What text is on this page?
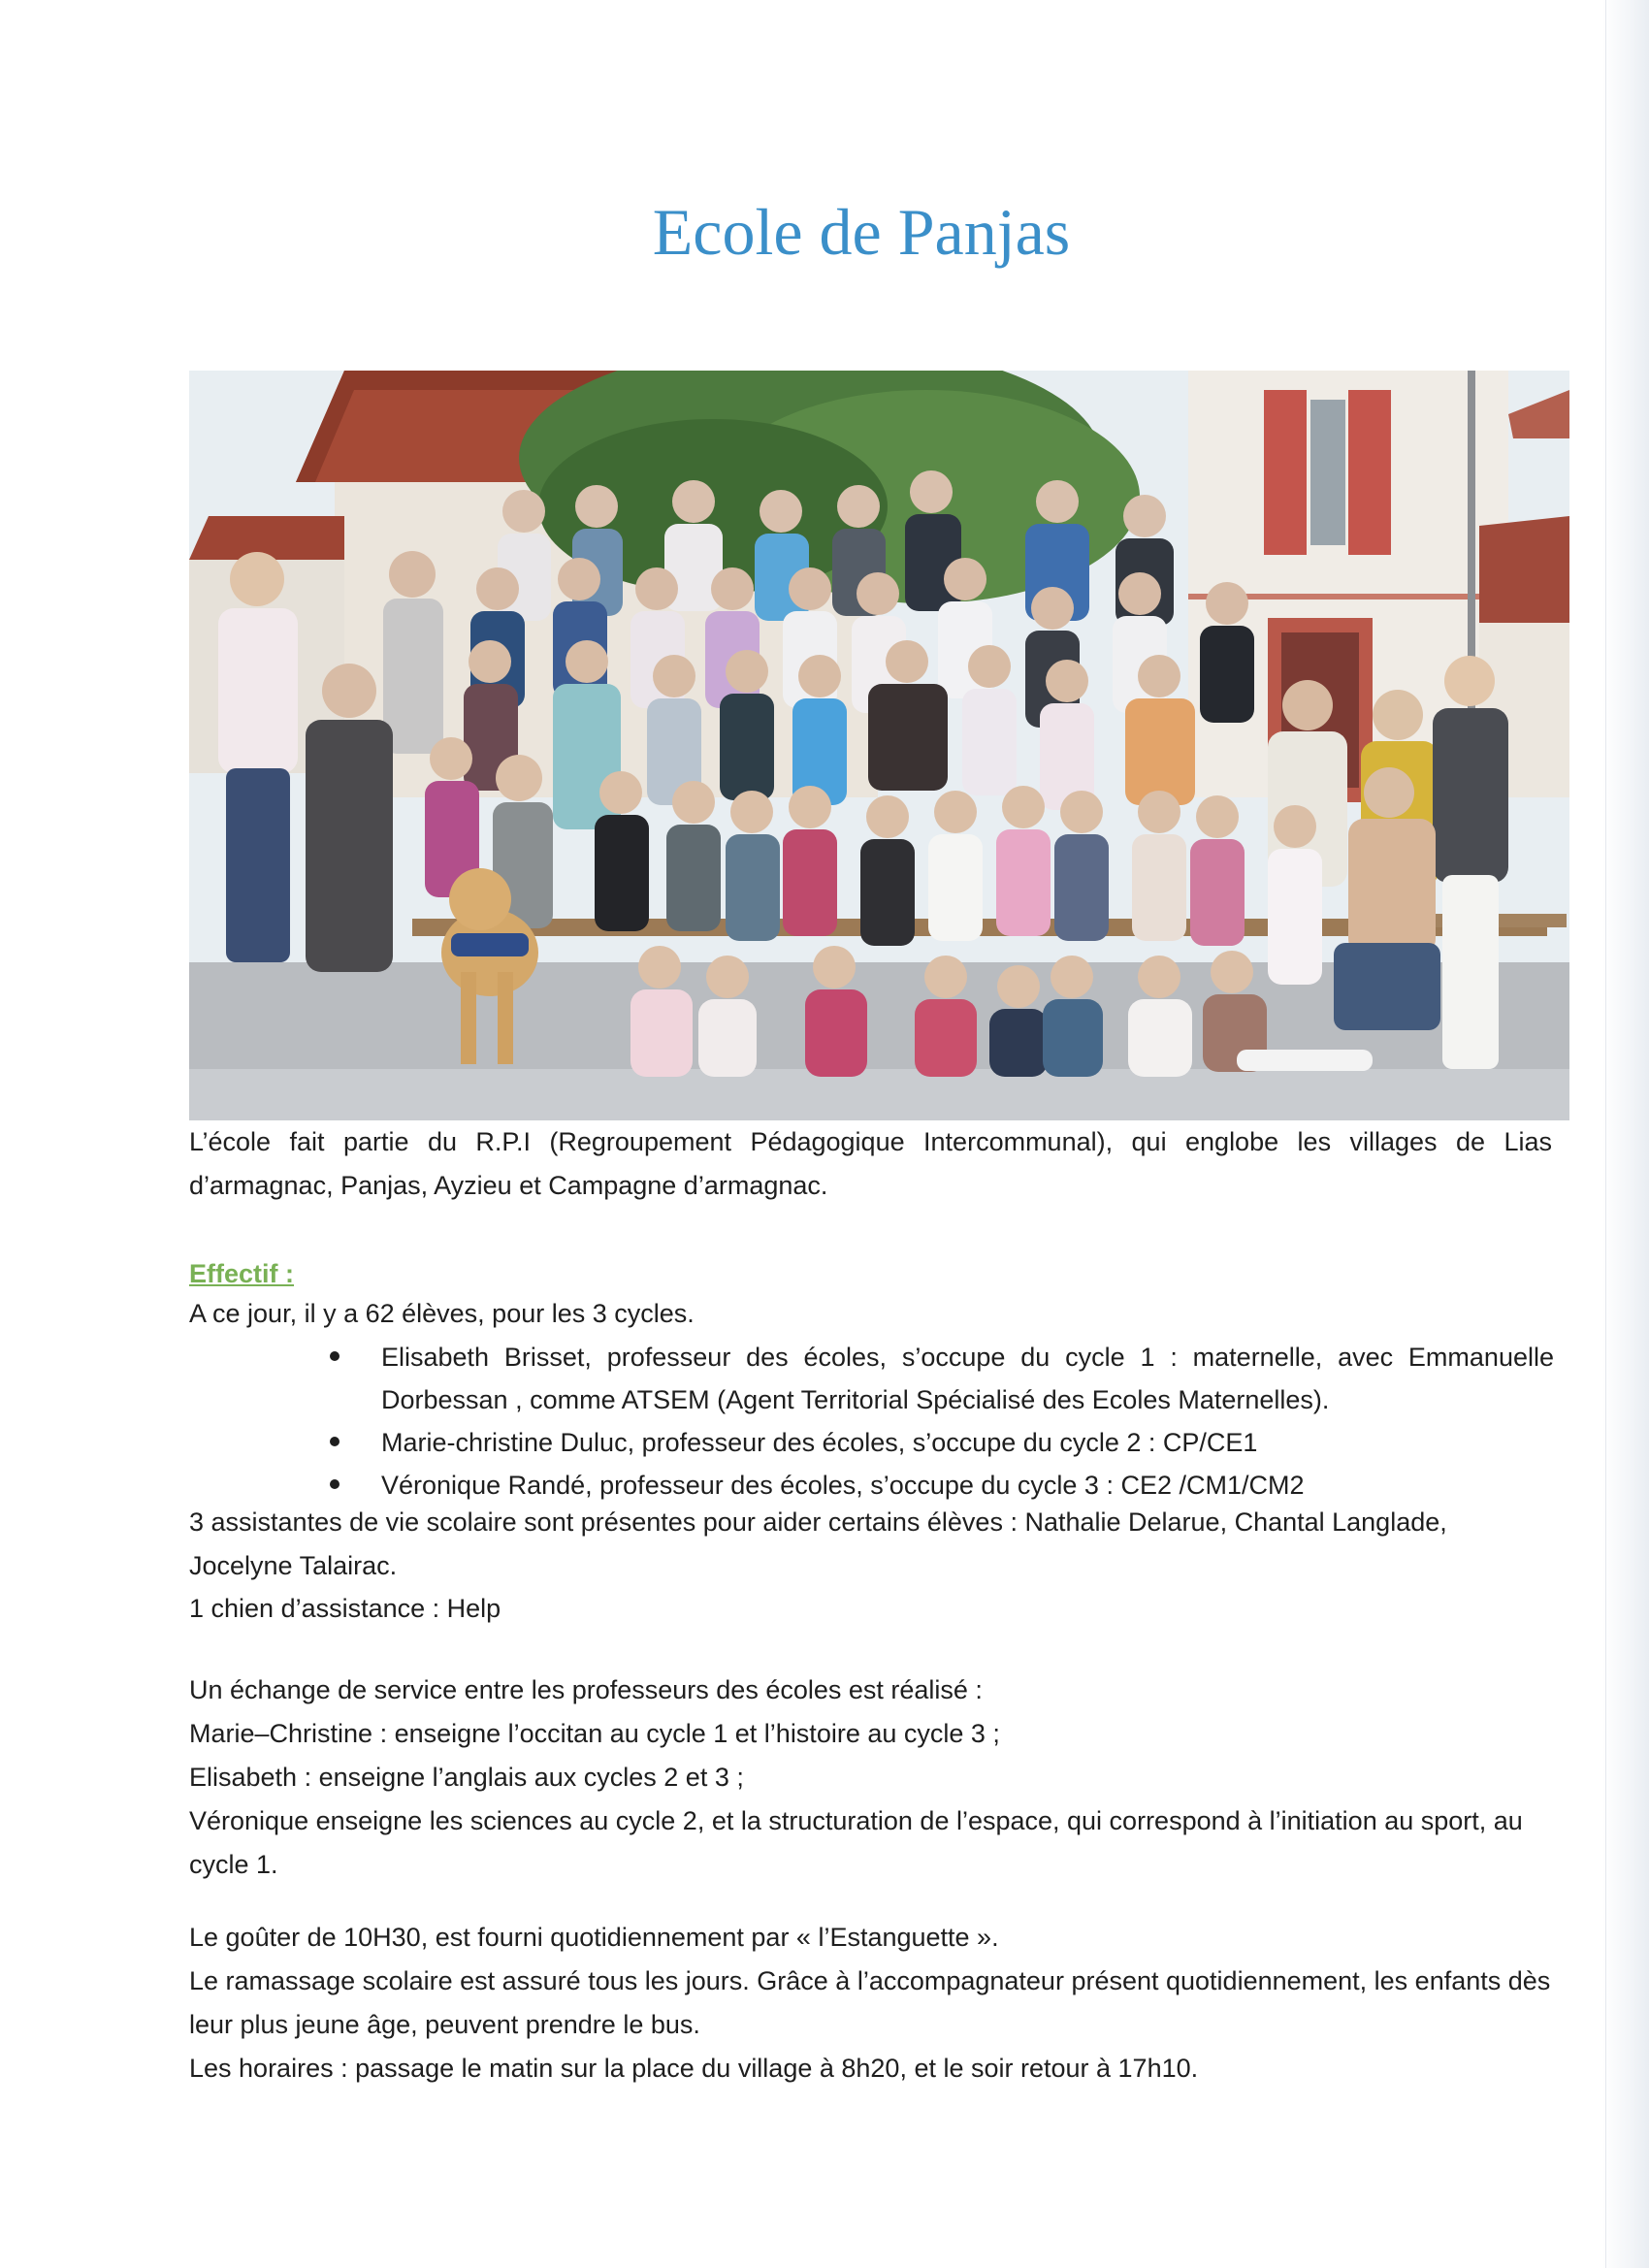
Ecole de Panjas
L’école fait partie du R.P.I (Regroupement Pédagogique Intercommunal), qui englobe les villages de Lias d’armagnac, Panjas, Ayzieu et Campagne d’armagnac.
Effectif :
A ce jour, il y a 62 élèves, pour les 3 cycles.
Elisabeth Brisset, professeur des écoles, s’occupe du cycle 1 : maternelle, avec Emmanuelle Dorbessan , comme ATSEM (Agent Territorial Spécialisé des Ecoles Maternelles).
Marie-christine Duluc, professeur des écoles, s’occupe du cycle 2 : CP/CE1
Véronique Randé, professeur des écoles, s’occupe du cycle 3 : CE2 /CM1/CM2
3 assistantes de vie scolaire sont présentes pour aider certains élèves : Nathalie Delarue, Chantal Langlade, Jocelyne Talairac.
1 chien d’assistance : Help
Un échange de service entre les professeurs des écoles est réalisé :
Marie–Christine : enseigne l’occitan au cycle 1 et l’histoire au cycle 3 ;
Elisabeth : enseigne l’anglais aux cycles 2 et 3 ;
Véronique enseigne les sciences au cycle 2, et la structuration de l’espace, qui correspond à l’initiation au sport, au cycle 1.
Le goûter de 10H30, est fourni quotidiennement par « l’Estanguette ».
Le ramassage scolaire est assuré tous les jours. Grâce à l’accompagnateur présent quotidiennement, les enfants dès leur plus jeune âge, peuvent prendre le bus.
Les horaires : passage le matin sur la place du village à 8h20, et le soir retour à 17h10.
